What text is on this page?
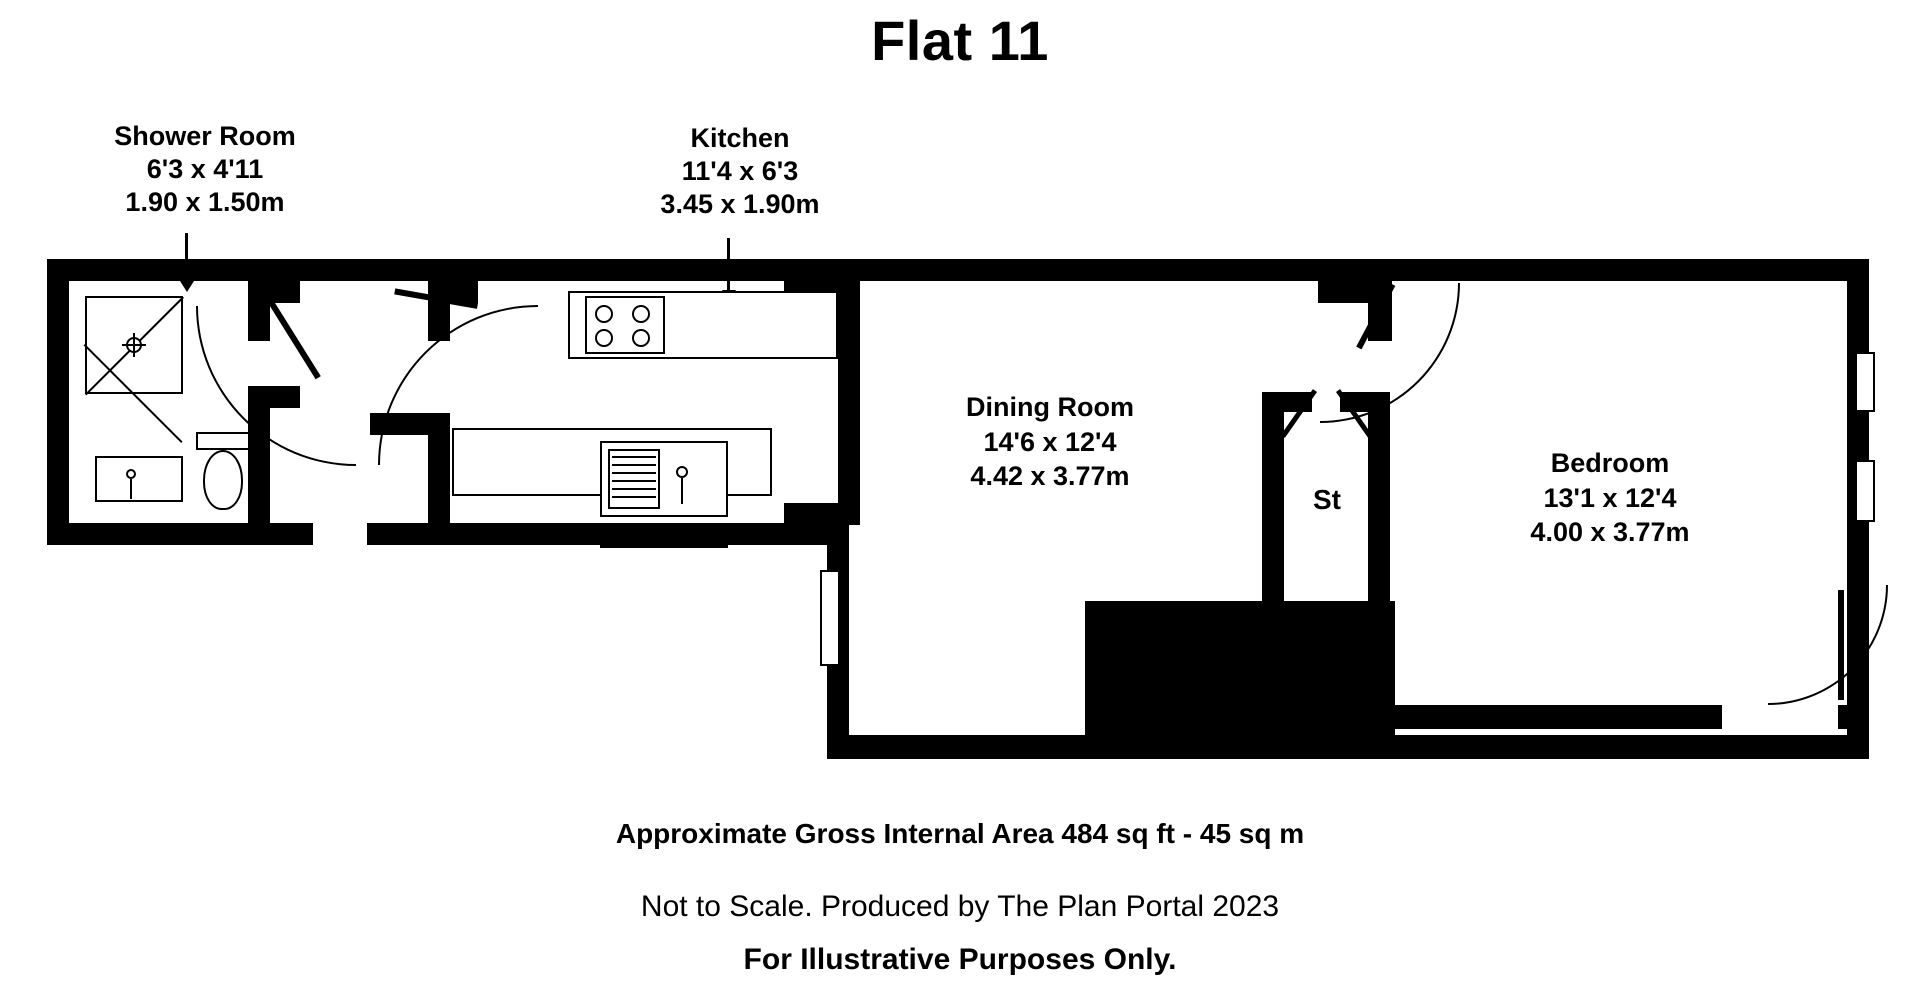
Flat 11
Shower Room
6'3 x 4'11
1.90 x 1.50m
Kitchen
11'4 x 6'3
3.45 x 1.90m
Dining Room
14'6 x 12'4
4.42 x 3.77m
St
Bedroom
13'1 x 12'4
4.00 x 3.77m
Approximate Gross Internal Area 484 sq ft - 45 sq m
Not to Scale. Produced by The Plan Portal 2023
For Illustrative Purposes Only.
